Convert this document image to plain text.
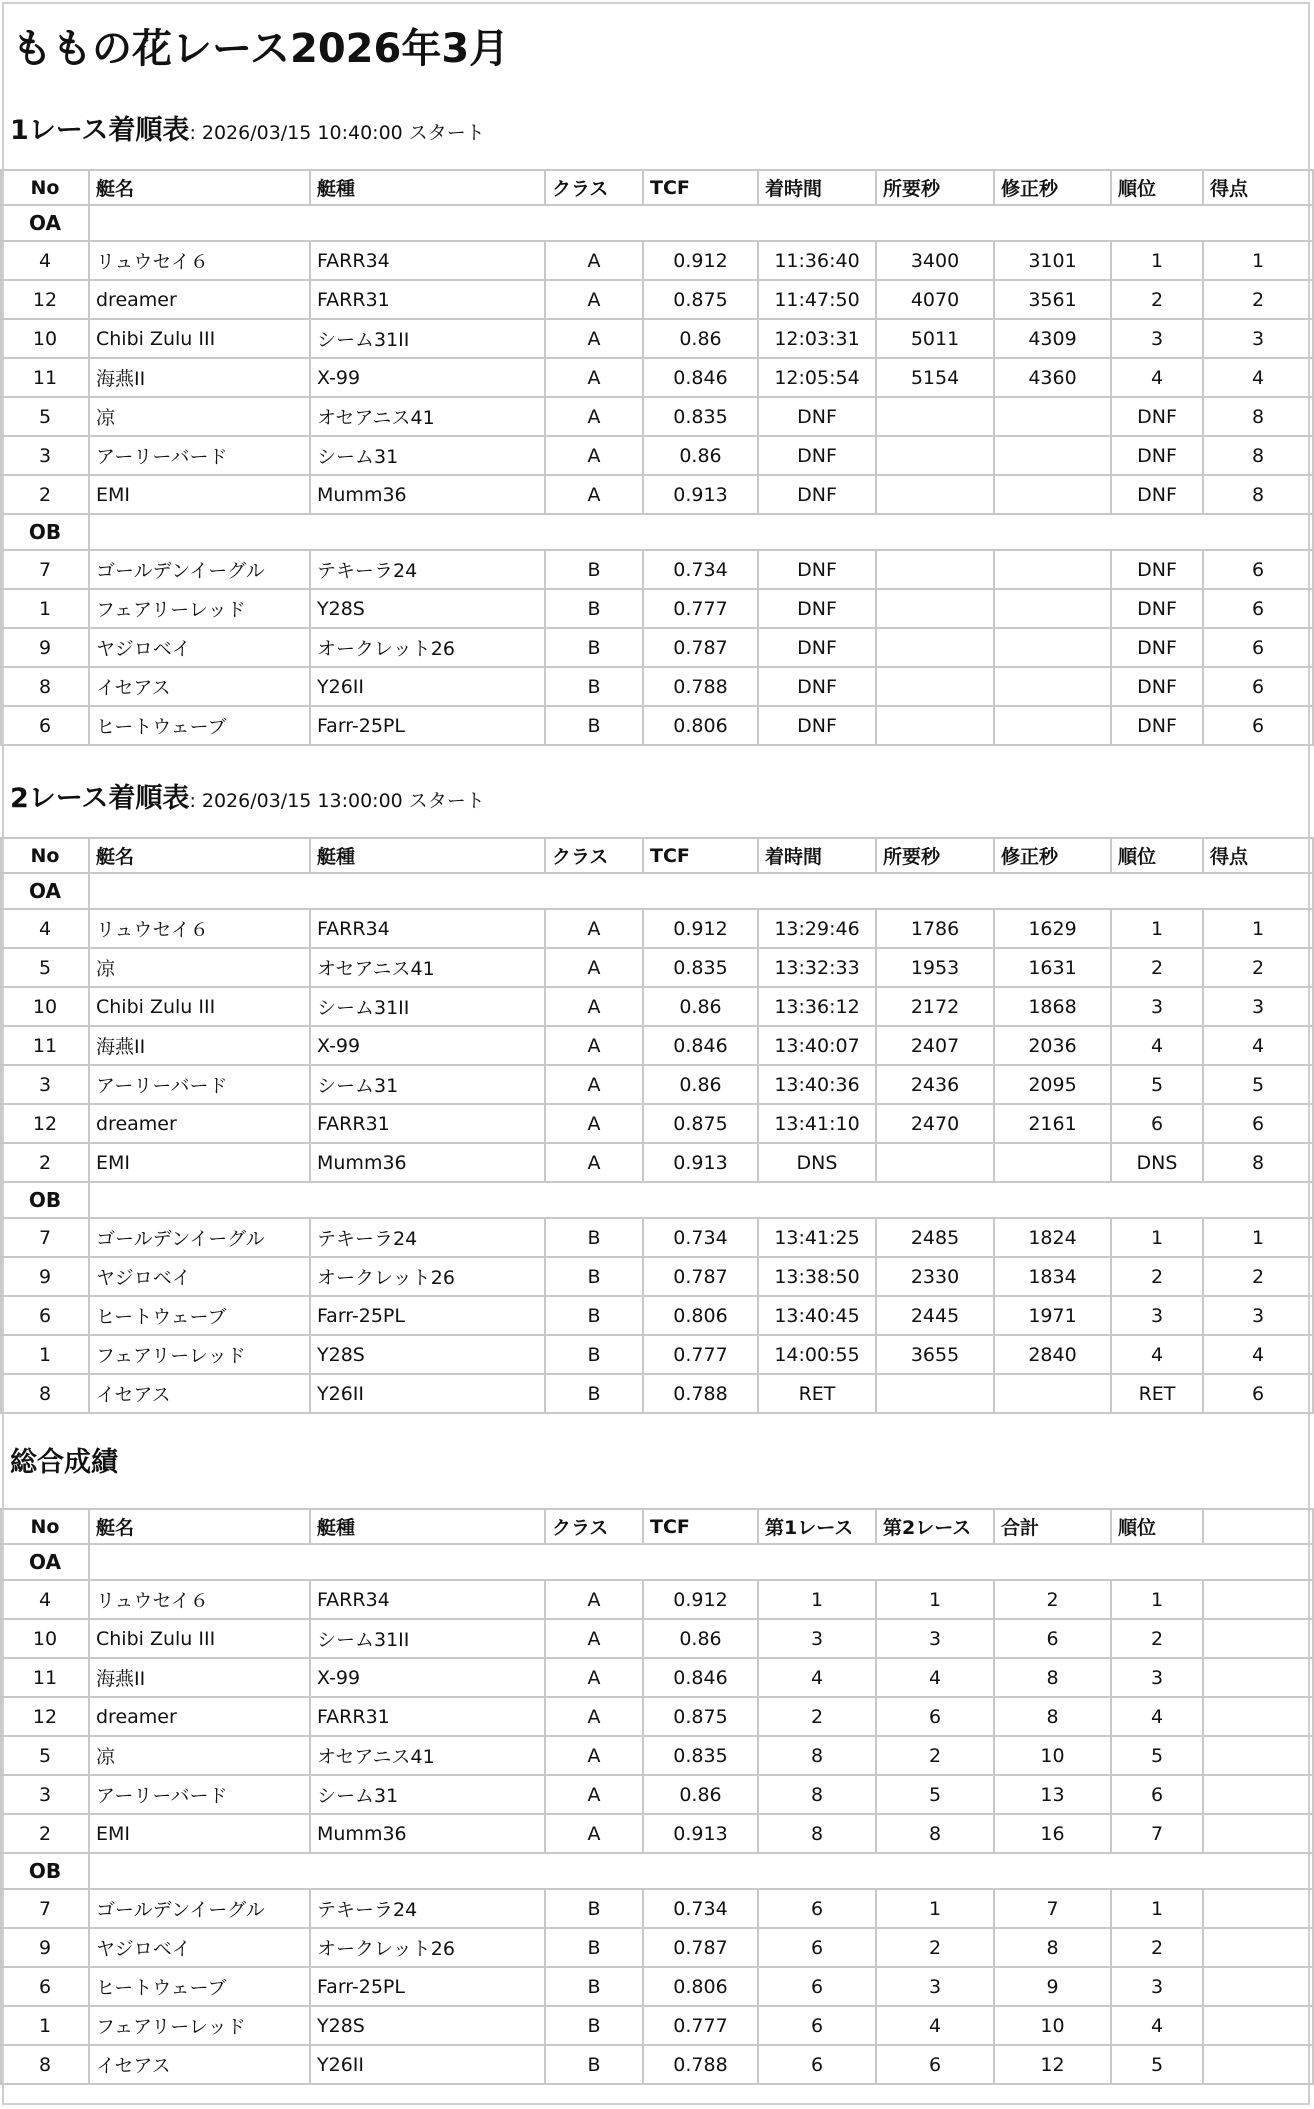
ももの花レース2026年3月
1レース着順表: 2026/03/15 10:40:00 スタート
No	艇名	艇種	クラス	TCF	着時間	所要秒	修正秒	順位	得点
OA									
4	リュウセイ６	FARR34	A	0.912	11:36:40	3400	3101	1	1
12	dreamer	FARR31	A	0.875	11:47:50	4070	3561	2	2
10	Chibi Zulu III	シーム31II	A	0.86	12:03:31	5011	4309	3	3
11	海燕II	X-99	A	0.846	12:05:54	5154	4360	4	4
5	凉	オセアニス41	A	0.835	DNF			DNF	8
3	アーリーバード	シーム31	A	0.86	DNF			DNF	8
2	EMI	Mumm36	A	0.913	DNF			DNF	8
OB									
7	ゴールデンイーグル	テキーラ24	B	0.734	DNF			DNF	6
1	フェアリーレッド	Y28S	B	0.777	DNF			DNF	6
9	ヤジロベイ	オークレット26	B	0.787	DNF			DNF	6
8	イセアス	Y26II	B	0.788	DNF			DNF	6
6	ヒートウェーブ	Farr-25PL	B	0.806	DNF			DNF	6
2レース着順表: 2026/03/15 13:00:00 スタート
No	艇名	艇種	クラス	TCF	着時間	所要秒	修正秒	順位	得点
OA									
4	リュウセイ６	FARR34	A	0.912	13:29:46	1786	1629	1	1
5	凉	オセアニス41	A	0.835	13:32:33	1953	1631	2	2
10	Chibi Zulu III	シーム31II	A	0.86	13:36:12	2172	1868	3	3
11	海燕II	X-99	A	0.846	13:40:07	2407	2036	4	4
3	アーリーバード	シーム31	A	0.86	13:40:36	2436	2095	5	5
12	dreamer	FARR31	A	0.875	13:41:10	2470	2161	6	6
2	EMI	Mumm36	A	0.913	DNS			DNS	8
OB									
7	ゴールデンイーグル	テキーラ24	B	0.734	13:41:25	2485	1824	1	1
9	ヤジロベイ	オークレット26	B	0.787	13:38:50	2330	1834	2	2
6	ヒートウェーブ	Farr-25PL	B	0.806	13:40:45	2445	1971	3	3
1	フェアリーレッド	Y28S	B	0.777	14:00:55	3655	2840	4	4
8	イセアス	Y26II	B	0.788	RET			RET	6
総合成績
No	艇名	艇種	クラス	TCF	第1レース	第2レース	合計	順位	
OA									
4	リュウセイ６	FARR34	A	0.912	1	1	2	1	
10	Chibi Zulu III	シーム31II	A	0.86	3	3	6	2	
11	海燕II	X-99	A	0.846	4	4	8	3	
12	dreamer	FARR31	A	0.875	2	6	8	4	
5	凉	オセアニス41	A	0.835	8	2	10	5	
3	アーリーバード	シーム31	A	0.86	8	5	13	6	
2	EMI	Mumm36	A	0.913	8	8	16	7	
OB									
7	ゴールデンイーグル	テキーラ24	B	0.734	6	1	7	1	
9	ヤジロベイ	オークレット26	B	0.787	6	2	8	2	
6	ヒートウェーブ	Farr-25PL	B	0.806	6	3	9	3	
1	フェアリーレッド	Y28S	B	0.777	6	4	10	4	
8	イセアス	Y26II	B	0.788	6	6	12	5	
